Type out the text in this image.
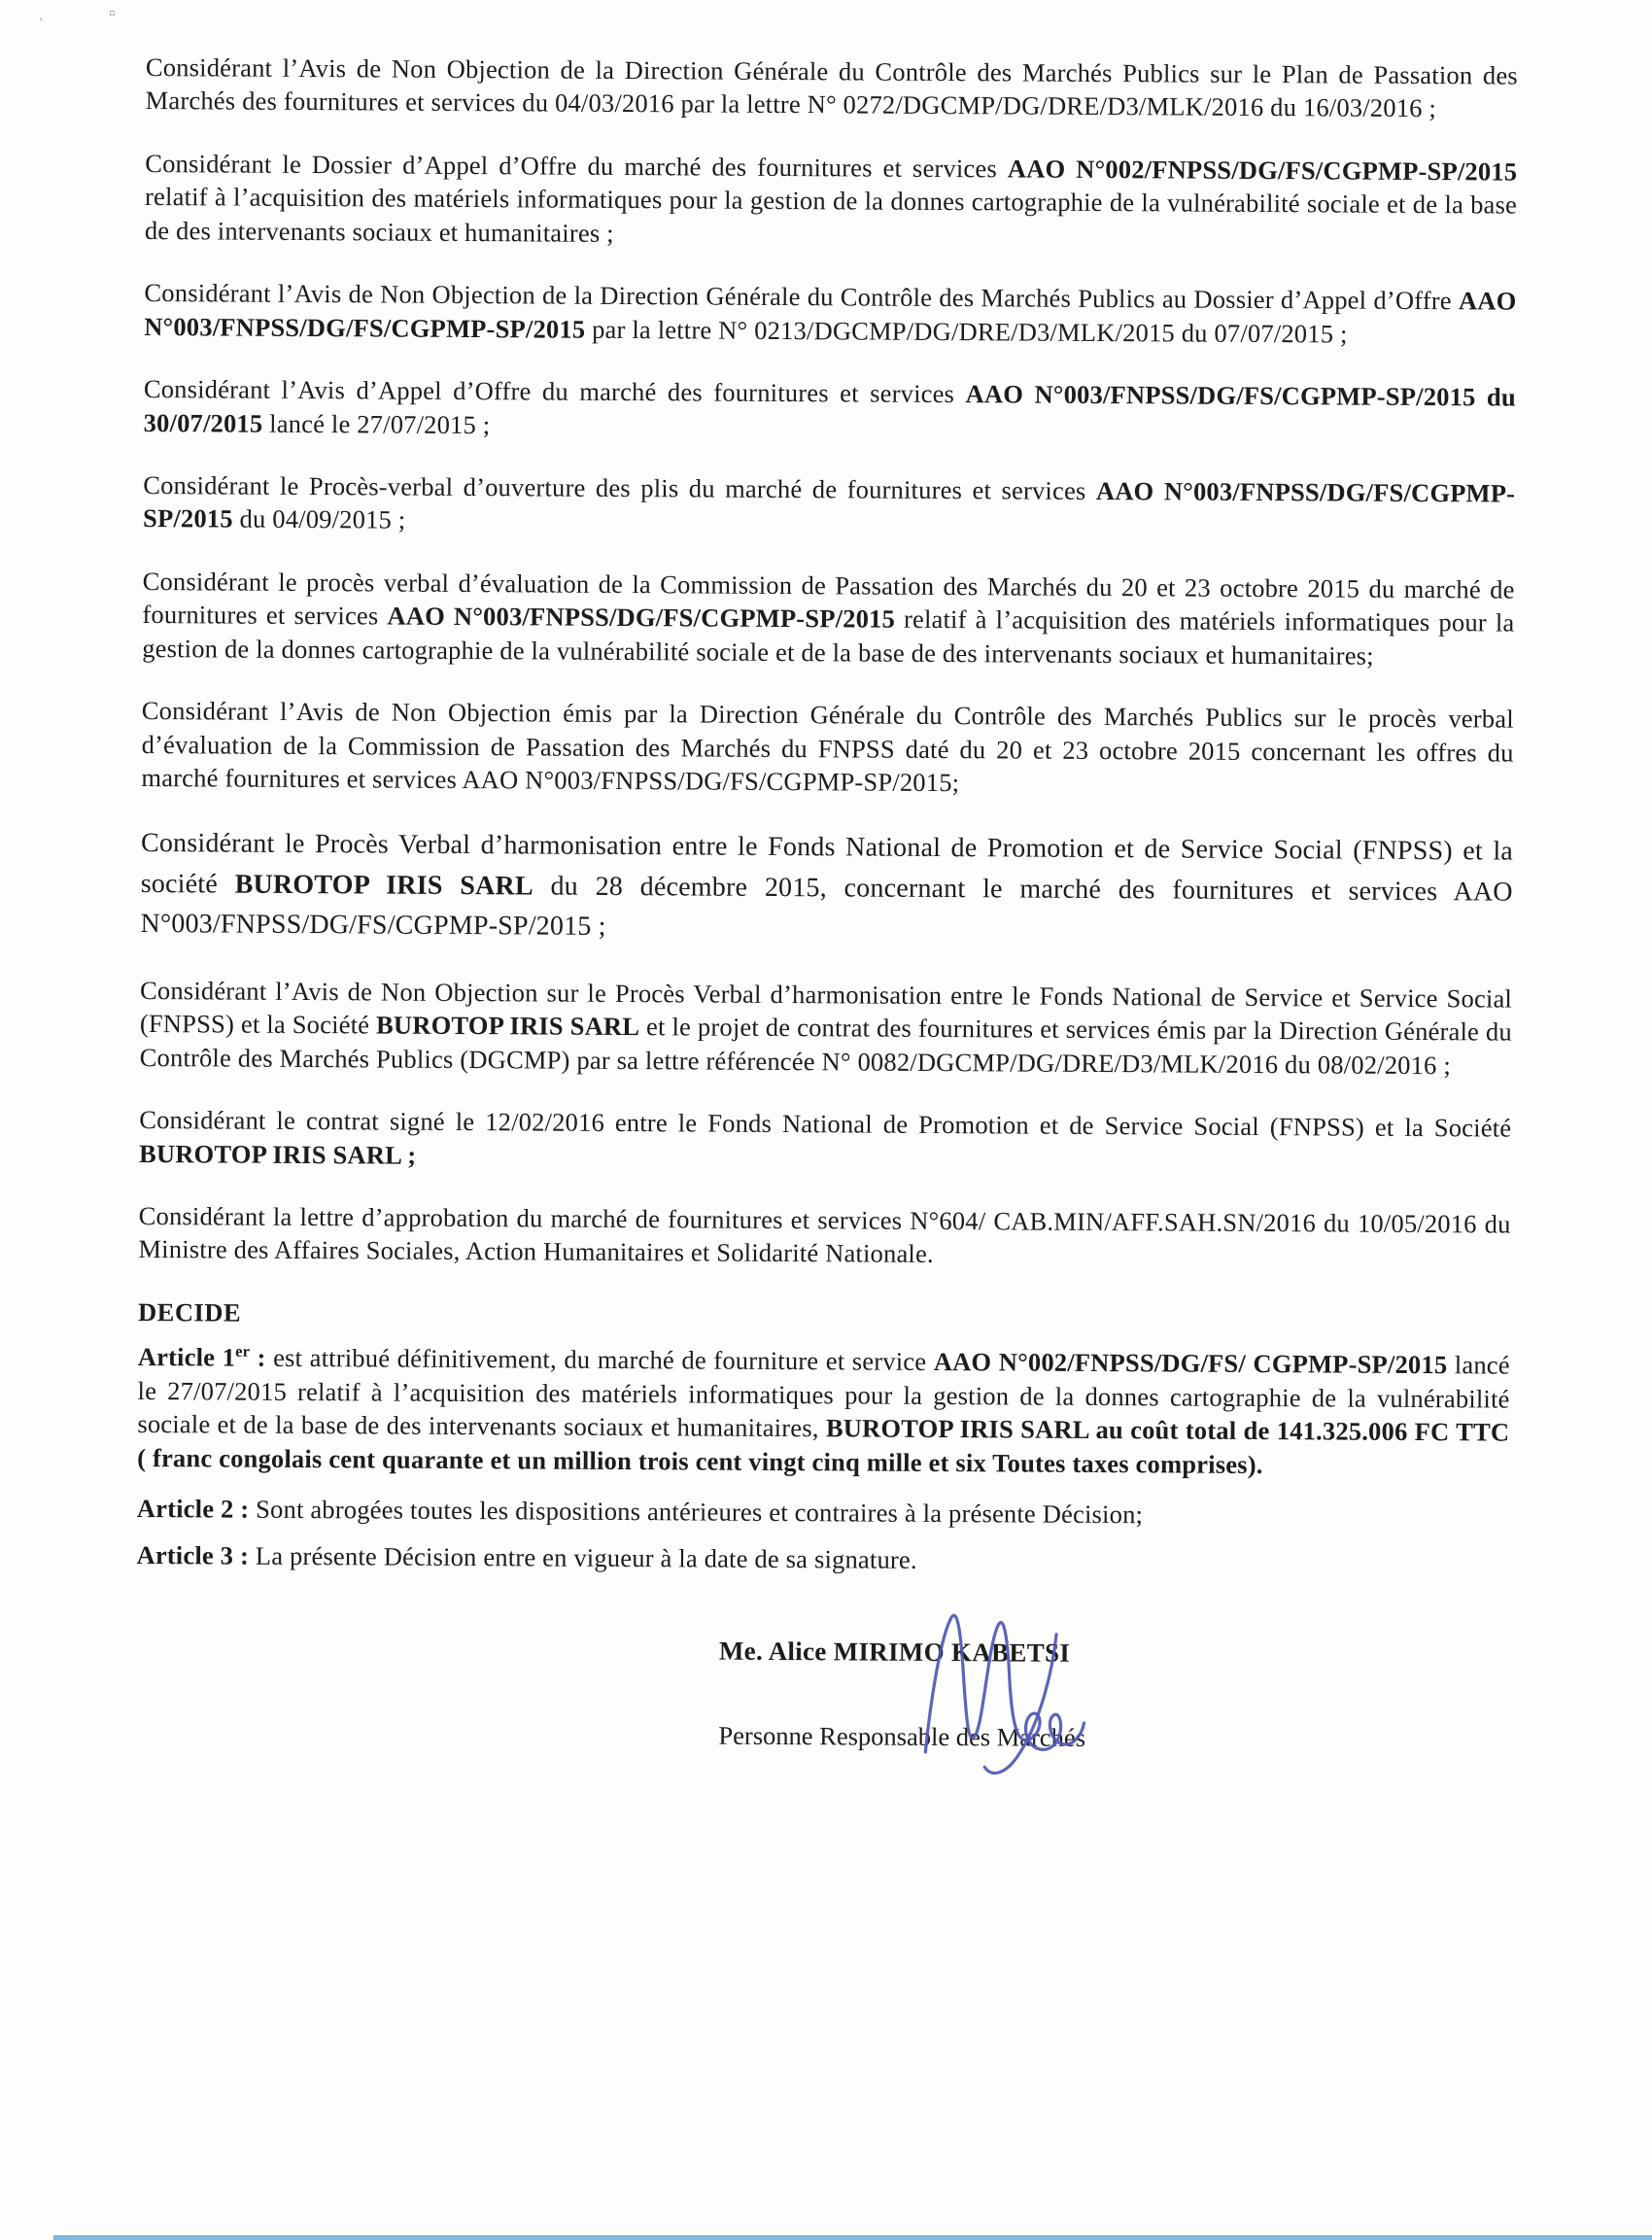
‚	¤

Considérant l’Avis de Non Objection de la Direction Générale du Contrôle des Marchés Publics sur le Plan de Passation des Marchés des fournitures et services du 04/03/2016 par la lettre N° 0272/DGCMP/DG/DRE/D3/MLK/2016 du 16/03/2016 ;

Considérant le Dossier d’Appel d’Offre du marché des fournitures et services AAO N°002/FNPSS/DG/FS/CGPMP-SP/2015 relatif à l’acquisition des matériels informatiques pour la gestion de la donnes cartographie de la vulnérabilité sociale et de la base de des intervenants sociaux et humanitaires ;

Considérant l’Avis de Non Objection de la Direction Générale du Contrôle des Marchés Publics au Dossier d’Appel d’Offre AAO N°003/FNPSS/DG/FS/CGPMP-SP/2015 par la lettre N° 0213/DGCMP/DG/DRE/D3/MLK/2015 du 07/07/2015 ;

Considérant l’Avis d’Appel d’Offre du marché des fournitures et services AAO N°003/FNPSS/DG/FS/CGPMP-SP/2015 du 30/07/2015 lancé le 27/07/2015 ;

Considérant le Procès-verbal d’ouverture des plis du marché de fournitures et services AAO N°003/FNPSS/DG/FS/CGPMP-SP/2015 du 04/09/2015 ;

Considérant le procès verbal d’évaluation de la Commission de Passation des Marchés du 20 et 23 octobre 2015 du marché de fournitures et services AAO N°003/FNPSS/DG/FS/CGPMP-SP/2015 relatif à l’acquisition des matériels informatiques pour la gestion de la donnes cartographie de la vulnérabilité sociale et de la base de des intervenants sociaux et humanitaires;

Considérant l’Avis de Non Objection émis par la Direction Générale du Contrôle des Marchés Publics sur le procès verbal d’évaluation de la Commission de Passation des Marchés du FNPSS daté du 20 et 23 octobre 2015 concernant les offres du marché fournitures et services AAO N°003/FNPSS/DG/FS/CGPMP-SP/2015;

Considérant le Procès Verbal d’harmonisation entre le Fonds National de Promotion et de Service Social (FNPSS) et la société BUROTOP IRIS SARL du 28 décembre 2015, concernant le marché des fournitures et services AAO N°003/FNPSS/DG/FS/CGPMP-SP/2015 ;

Considérant l’Avis de Non Objection sur le Procès Verbal d’harmonisation entre le Fonds National de Service et Service Social (FNPSS) et la Société BUROTOP IRIS SARL et le projet de contrat des fournitures et services émis par la Direction Générale du Contrôle des Marchés Publics (DGCMP) par sa lettre référencée N° 0082/DGCMP/DG/DRE/D3/MLK/2016 du 08/02/2016 ;

Considérant le contrat signé le 12/02/2016 entre le Fonds National de Promotion et de Service Social (FNPSS) et la Société BUROTOP IRIS SARL ;

Considérant la lettre d’approbation du marché de fournitures et services N°604/ CAB.MIN/AFF.SAH.SN/2016 du 10/05/2016 du Ministre des Affaires Sociales, Action Humanitaires et Solidarité Nationale.

DECIDE

Article 1er : est attribué définitivement, du marché de fourniture et service AAO N°002/FNPSS/DG/FS/ CGPMP-SP/2015 lancé le 27/07/2015 relatif à l’acquisition des matériels informatiques pour la gestion de la donnes cartographie de la vulnérabilité sociale et de la base de des intervenants sociaux et humanitaires, BUROTOP IRIS SARL au coût total de 141.325.006 FC TTC ( franc congolais cent quarante et un million trois cent vingt cinq mille et six Toutes taxes comprises).

Article 2 : Sont abrogées toutes les dispositions antérieures et contraires à la présente Décision;

Article 3 : La présente Décision entre en vigueur à la date de sa signature.

Me. Alice MIRIMO KABETSI
Personne Responsable des Marchés
